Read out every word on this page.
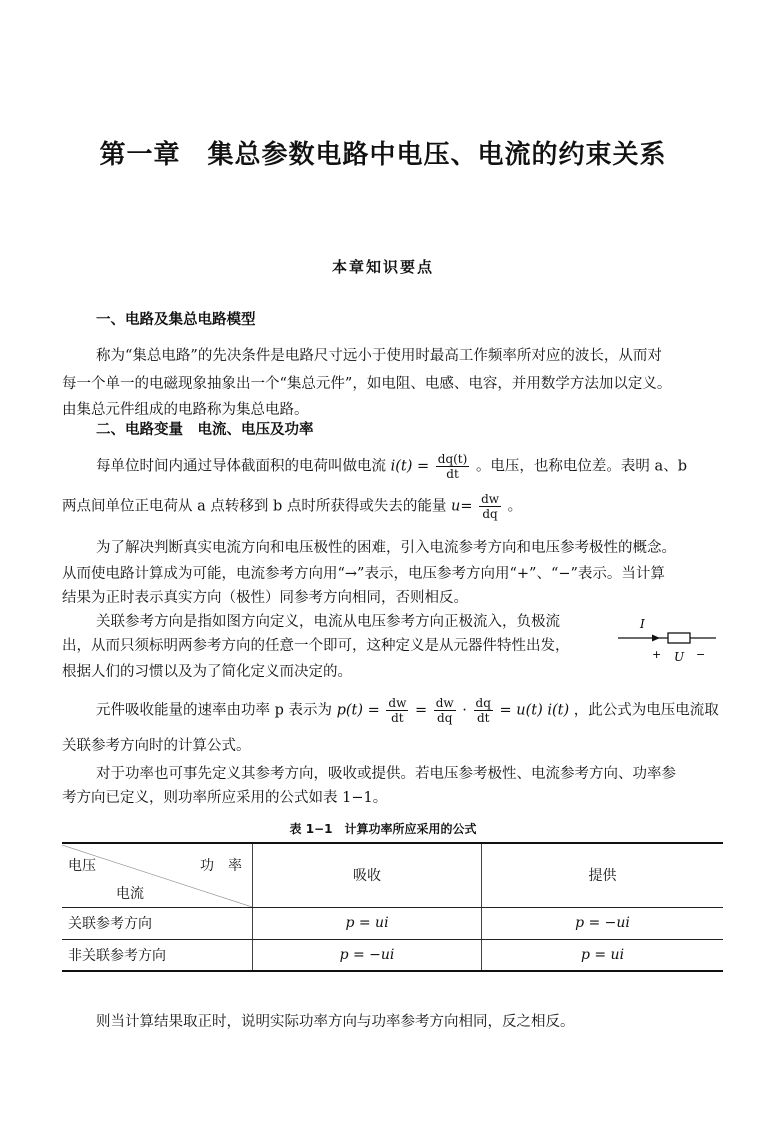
第一章　集总参数电路中电压、电流的约束关系
本章知识要点
一、电路及集总电路模型
称为“集总电路”的先决条件是电路尺寸远小于使用时最高工作频率所对应的波长，从而对
每一个单一的电磁现象抽象出一个“集总元件”，如电阻、电感、电容，并用数学方法加以定义。
由集总元件组成的电路称为集总电路。
二、电路变量　电流、电压及功率
每单位时间内通过导体截面积的电荷叫做电流 $i(t) = \frac{dq(t)}{dt}$ 。电压，也称电位差。表明 a、b
两点间单位正电荷从 a 点转移到 b 点时所获得或失去的能量 $u= \frac{dw}{dq}$ 。
为了解决判断真实电流方向和电压极性的困难，引入电流参考方向和电压参考极性的概念。
从而使电路计算成为可能，电流参考方向用“→”表示，电压参考方向用“+”、“−”表示。当计算
结果为正时表示真实方向（极性）同参考方向相同，否则相反。
关联参考方向是指如图方向定义，电流从电压参考方向正极流入，负极流
出，从而只须标明两参考方向的任意一个即可，这种定义是从元器件特性出发，
根据人们的习惯以及为了简化定义而决定的。
I
+ U −
元件吸收能量的速率由功率 p 表示为 $p(t) = \frac{dw}{dt} = \frac{dw}{dq} \cdot \frac{dq}{dt} = u(t)$ i(t) ，此公式为电压电流取
关联参考方向时的计算公式。
对于功率也可事先定义其参考方向，吸收或提供。若电压参考极性、电流参考方向、功率参
考方向已定义，则功率所应采用的公式如表 1−1。
表 1−1　计算功率所应采用的公式
电压 功　率
电流	吸收	提供
关联参考方向	p = ui	p = −ui
非关联参考方向	p = −ui	p = ui
则当计算结果取正时，说明实际功率方向与功率参考方向相同，反之相反。
